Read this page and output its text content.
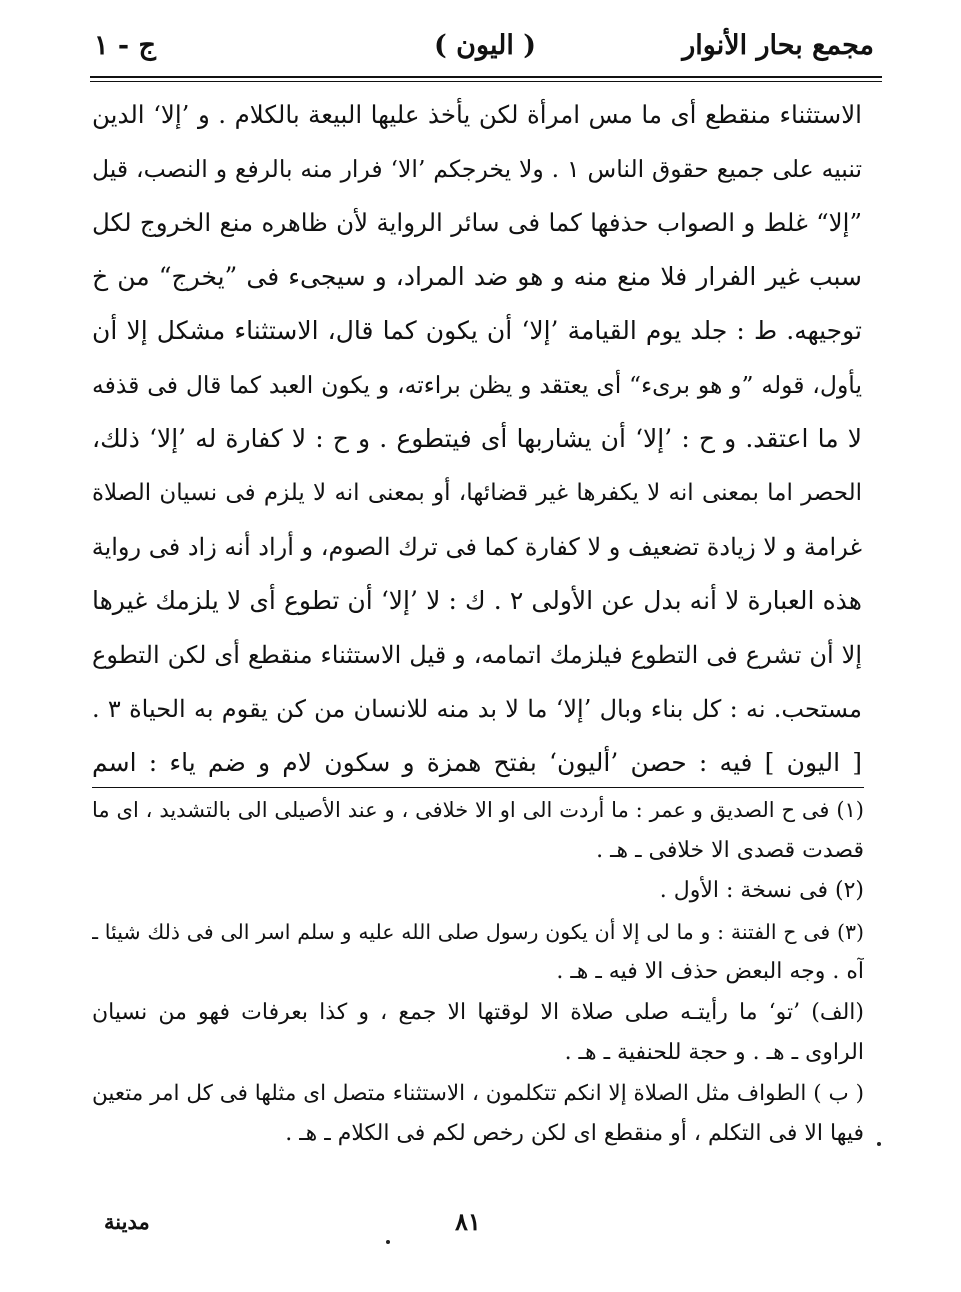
مجمع بحار الأنوار
( اليون )
ج - ١
الاستثناء منقطع أى ما مس امرأة لكن يأخذ عليها البيعة بالكلام . و ’إلا‘ الدين
تنبيه على جميع حقوق الناس ١ . ولا يخرجكم ’الا‘ فرار منه بالرفع و النصب، قيل
”إلا“ غلط و الصواب حذفها كما فى سائر الرواية لأن ظاهره منع الخروج لكل
سبب غير الفرار فلا منع منه و هو ضد المراد، و سيجىء فى ”يخرج“ من خ
توجيهه. ط : جلد يوم القيامة ’إلا‘ أن يكون كما قال، الاستثناء مشكل إلا أن
يأول، قوله ”و هو برىء“ أى يعتقد و يظن براءته، و يكون العبد كما قال فى قذفه
لا ما اعتقد. و ح : ’إلا‘ أن يشاربها أى فيتطوع . و ح : لا كفارة له ’إلا‘ ذلك،
الحصر اما بمعنى انه لا يكفرها غير قضائها، أو بمعنى انه لا يلزم فى نسيان الصلاة
غرامة و لا زيادة تضعيف و لا كفارة كما فى ترك الصوم، و أراد أنه زاد فى رواية
هذه العبارة لا أنه بدل عن الأولى ٢ . ك : لا ’إلا‘ أن تطوع أى لا يلزمك غيرها
إلا أن تشرع فى التطوع فيلزمك اتمامه، و قيل الاستثناء منقطع أى لكن التطوع
مستحب. نه : كل بناء وبال ’إلا‘ ما لا بد منه للانسان من كن يقوم به الحياة ٣ .
[ اليون ] فيه : حصن ’أليون‘ بفتح همزة و سكون لام و ضم ياء : اسم
(١) فى ح الصديق و عمر : ما أردت الى او الا خلافى ، و عند الأصيلى الى بالتشديد ، اى ما
قصدت قصدى الا خلافى ـ هـ .
(٢) فى نسخة : الأول .
(٣) فى ح الفتنة : و ما لى إلا أن يكون رسول صلى الله عليه و سلم اسر الى فى ذلك شيئا ـ
آه . وجه البعض حذف الا فيه ـ هـ .
(الف) ’تو‘ ما رأيتـه صلى صلاة الا لوقتها الا جمع ، و كذا بعرفات فهو من نسيان
الراوى ـ هـ . و حجة للحنفية ـ هـ .
( ب ) الطواف مثل الصلاة إلا انكم تتكلمون ، الاستثناء متصل اى مثلها فى كل امر متعين
فيها الا فى التكلم ، أو منقطع اى لكن رخص لكم فى الكلام ـ هـ .
٨١
مدينة
